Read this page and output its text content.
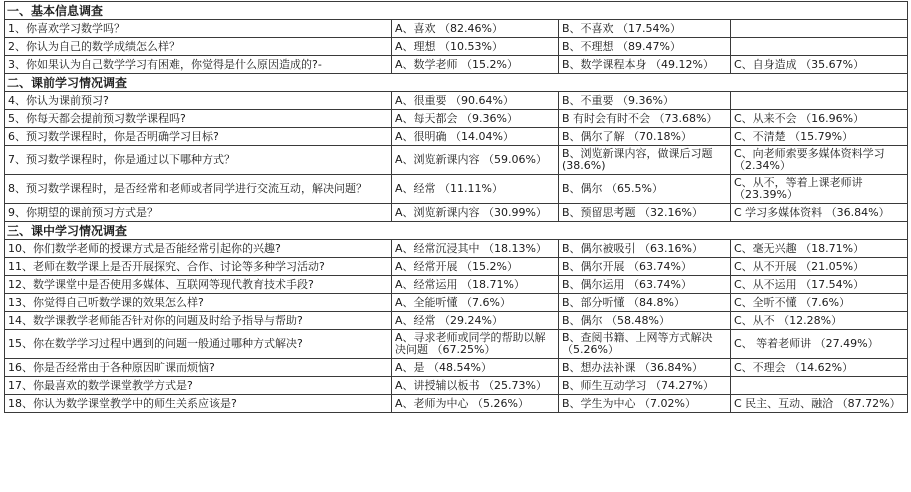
一、基本信息调查			
1、你喜欢学习数学吗？	A、喜欢 （82.46%）	B、不喜欢 （17.54%）	
2、你认为自己的数学成绩怎么样？	A、理想 （10.53%）	B、不理想 （89.47%）	
3、你如果认为自己数学学习有困难，你觉得是什么原因造成的?-	A、数学老师 （15.2%）	B、数学课程本身 （49.12%）	C、自身造成 （35.67%）
二、课前学习情况调查			
4、你认为课前预习?	A、很重要 （90.64%）	B、不重要 （9.36%）	
5、你每天都会提前预习数学课程吗?	A、每天都会 （9.36%）	B 有时会有时不会 （73.68%）	C、从来不会 （16.96%）
6、预习数学课程时，你是否明确学习目标?	A、很明确 （14.04%）	B、偶尔了解 （70.18%）	C、不清楚 （15.79%）
7、预习数学课程时，你是通过以下哪种方式？	A、浏览新课内容 （59.06%）	B、浏览新课内容，做课后习题 (38.6%)	C、向老师索要多媒体资料学习 （2.34%）
8、预习数学课程时，是否经常和老师或者同学进行交流互动，解决问题？	A、经常 （11.11%）	B、偶尔 （65.5%）	C、从不，等着上课老师讲 （23.39%）
9、你期望的课前预习方式是？	A、浏览新课内容 （30.99%）	B、预留思考题 （32.16%）	C 学习多媒体资料 （36.84%）
三、课中学习情况调查			
10、你们数学老师的授课方式是否能经常引起你的兴趣?	A、经常沉浸其中 （18.13%）	B、偶尔被吸引 （63.16%）	C、毫无兴趣 （18.71%）
11、老师在数学课上是否开展探究、合作、讨论等多种学习活动?	A、经常开展 （15.2%）	B、偶尔开展 （63.74%）	C、从不开展 （21.05%）
12、数学课堂中是否使用多媒体、互联网等现代教育技术手段?	A、经常运用 （18.71%）	B、偶尔运用 （63.74%）	C、从不运用 （17.54%）
13、你觉得自己听数学课的效果怎么样?	A、全能听懂 （7.6%）	B、部分听懂 （84.8%）	C、全听不懂 （7.6%）
14、数学课教学老师能否针对你的问题及时给予指导与帮助?	A、经常 （29.24%）	B、偶尔 （58.48%）	C、从不 （12.28%）
15、你在数学学习过程中遇到的问题一般通过哪种方式解决?	A、寻求老师或同学的帮助以解决问题 （67.25%）	B、查阅书籍、上网等方式解决 （5.26%）	C、 等着老师讲 （27.49%）
16、你是否经常由于各种原因旷课而烦恼?	A、是 （48.54%）	B、想办法补课 （36.84%）	C、不理会 （14.62%）
17、你最喜欢的数学课堂教学方式是?	A、讲授辅以板书 （25.73%）	B、师生互动学习 （74.27%）	
18、你认为数学课堂教学中的师生关系应该是?	A、老师为中心 （5.26%）	B、学生为中心 （7.02%）	C 民主、互动、融洽 （87.72%）
